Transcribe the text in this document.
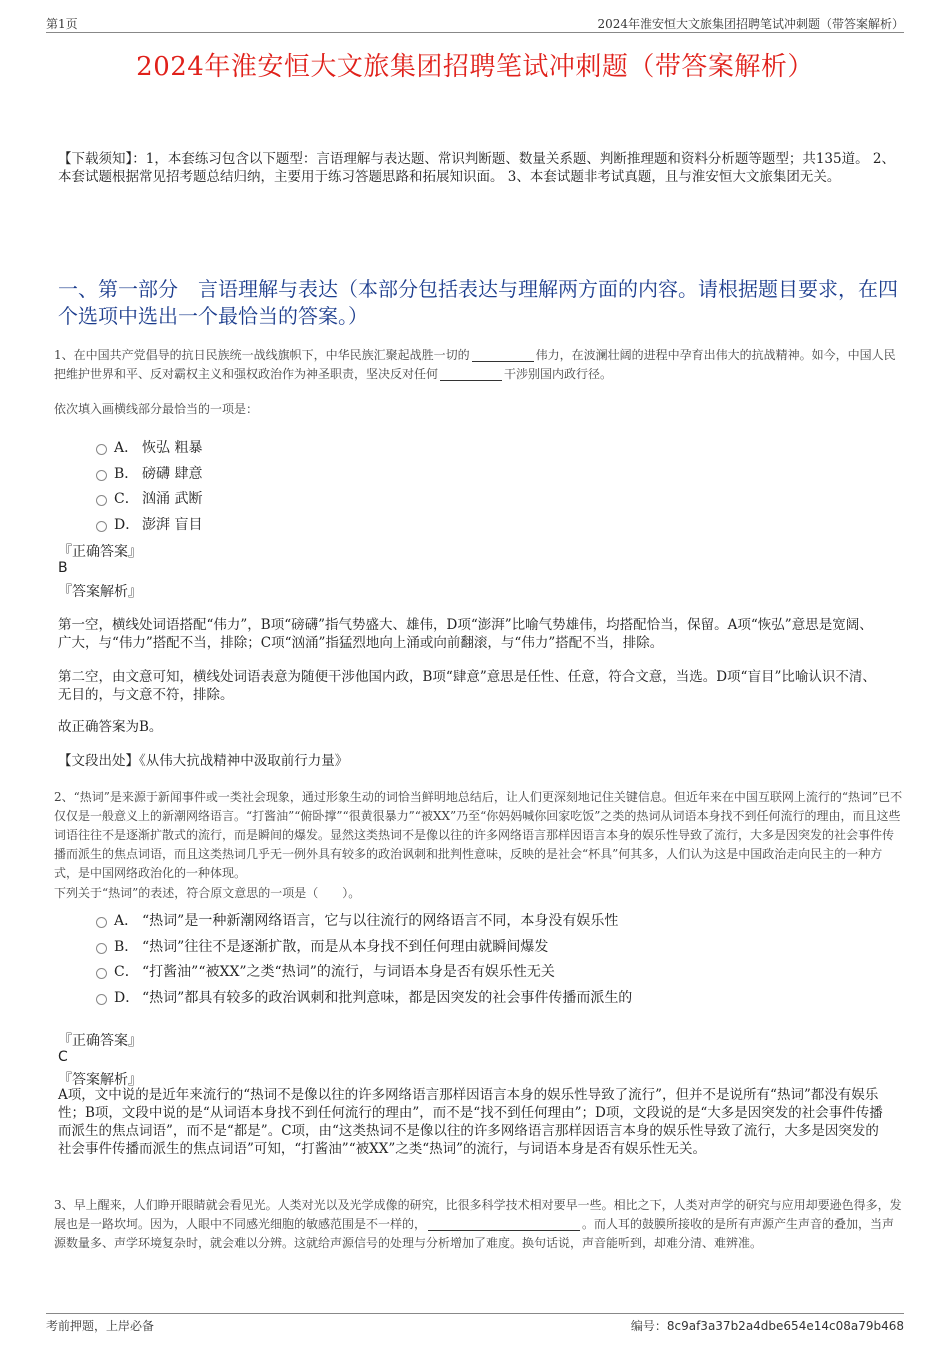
第1页	2024年淮安恒大文旅集团招聘笔试冲刺题（带答案解析）
2024年淮安恒大文旅集团招聘笔试冲刺题（带答案解析）
【下载须知】：1，本套练习包含以下题型：言语理解与表达题、常识判断题、数量关系题、判断推理题和资料分析题等题型；共135道。 2、本套试题根据常见招考题总结归纳，主要用于练习答题思路和拓展知识面。 3、本套试题非考试真题，且与淮安恒大文旅集团无关。
一、第一部分　言语理解与表达（本部分包括表达与理解两方面的内容。请根据题目要求，在四个选项中选出一个最恰当的答案。）
1、在中国共产党倡导的抗日民族统一战线旗帜下，中华民族汇聚起战胜一切的	伟力，在波澜壮阔的进程中孕育出伟大的抗战精神。如今，中国人民把维护世界和平、反对霸权主义和强权政治作为神圣职责，坚决反对任何	干涉别国内政行径。
依次填入画横线部分最恰当的一项是：
A． 恢弘 粗暴
B． 磅礴 肆意
C． 汹涌 武断
D． 澎湃 盲目
『正确答案』
B
『答案解析』
第一空，横线处词语搭配“伟力”，B项“磅礴”指气势盛大、雄伟，D项“澎湃”比喻气势雄伟，均搭配恰当，保留。A项“恢弘”意思是宽阔、广大，与“伟力”搭配不当，排除；C项“汹涌”指猛烈地向上涌或向前翻滚，与“伟力”搭配不当，排除。
第二空，由文意可知，横线处词语表意为随便干涉他国内政，B项“肆意”意思是任性、任意，符合文意，当选。D项“盲目”比喻认识不清、无目的，与文意不符，排除。
故正确答案为B。
【文段出处】《从伟大抗战精神中汲取前行力量》
2、“热词”是来源于新闻事件或一类社会现象，通过形象生动的词恰当鲜明地总结后，让人们更深刻地记住关键信息。但近年来在中国互联网上流行的“热词”已不仅仅是一般意义上的新潮网络语言。“打酱油”“俯卧撑”“很黄很暴力”“被XX”乃至“你妈妈喊你回家吃饭”之类的热词从词语本身找不到任何流行的理由，而且这些词语往往不是逐渐扩散式的流行，而是瞬间的爆发。显然这类热词不是像以往的许多网络语言那样因语言本身的娱乐性导致了流行，大多是因突发的社会事件传播而派生的焦点词语，而且这类热词几乎无一例外具有较多的政治讽刺和批判性意味，反映的是社会“杯具”何其多，人们认为这是中国政治走向民主的一种方式，是中国网络政治化的一种体现。
下列关于“热词”的表述，符合原文意思的一项是（　　）。
A． “热词”是一种新潮网络语言，它与以往流行的网络语言不同，本身没有娱乐性
B． “热词”往往不是逐渐扩散，而是从本身找不到任何理由就瞬间爆发
C． “打酱油”“被XX”之类“热词”的流行，与词语本身是否有娱乐性无关
D． “热词”都具有较多的政治讽刺和批判意味，都是因突发的社会事件传播而派生的
『正确答案』
C
『答案解析』
A项，文中说的是近年来流行的“热词不是像以往的许多网络语言那样因语言本身的娱乐性导致了流行”，但并不是说所有“热词”都没有娱乐性；B项，文段中说的是“从词语本身找不到任何流行的理由”，而不是“找不到任何理由”；D项，文段说的是“大多是因突发的社会事件传播而派生的焦点词语”，而不是“都是”。C项，由“这类热词不是像以往的许多网络语言那样因语言本身的娱乐性导致了流行，大多是因突发的社会事件传播而派生的焦点词语”可知，“打酱油”“被XX”之类“热词”的流行，与词语本身是否有娱乐性无关。
3、早上醒来，人们睁开眼睛就会看见光。人类对光以及光学成像的研究，比很多科学技术相对要早一些。相比之下，人类对声学的研究与应用却要逊色得多，发展也是一路坎坷。因为，人眼中不同感光细胞的敏感范围是不一样的，	。而人耳的鼓膜所接收的是所有声源产生声音的叠加，当声源数量多、声学环境复杂时，就会难以分辨。这就给声源信号的处理与分析增加了难度。换句话说，声音能听到，却难分清、难辨准。
考前押题，上岸必备	编号：8c9af3a37b2a4dbe654e14c08a79b468
